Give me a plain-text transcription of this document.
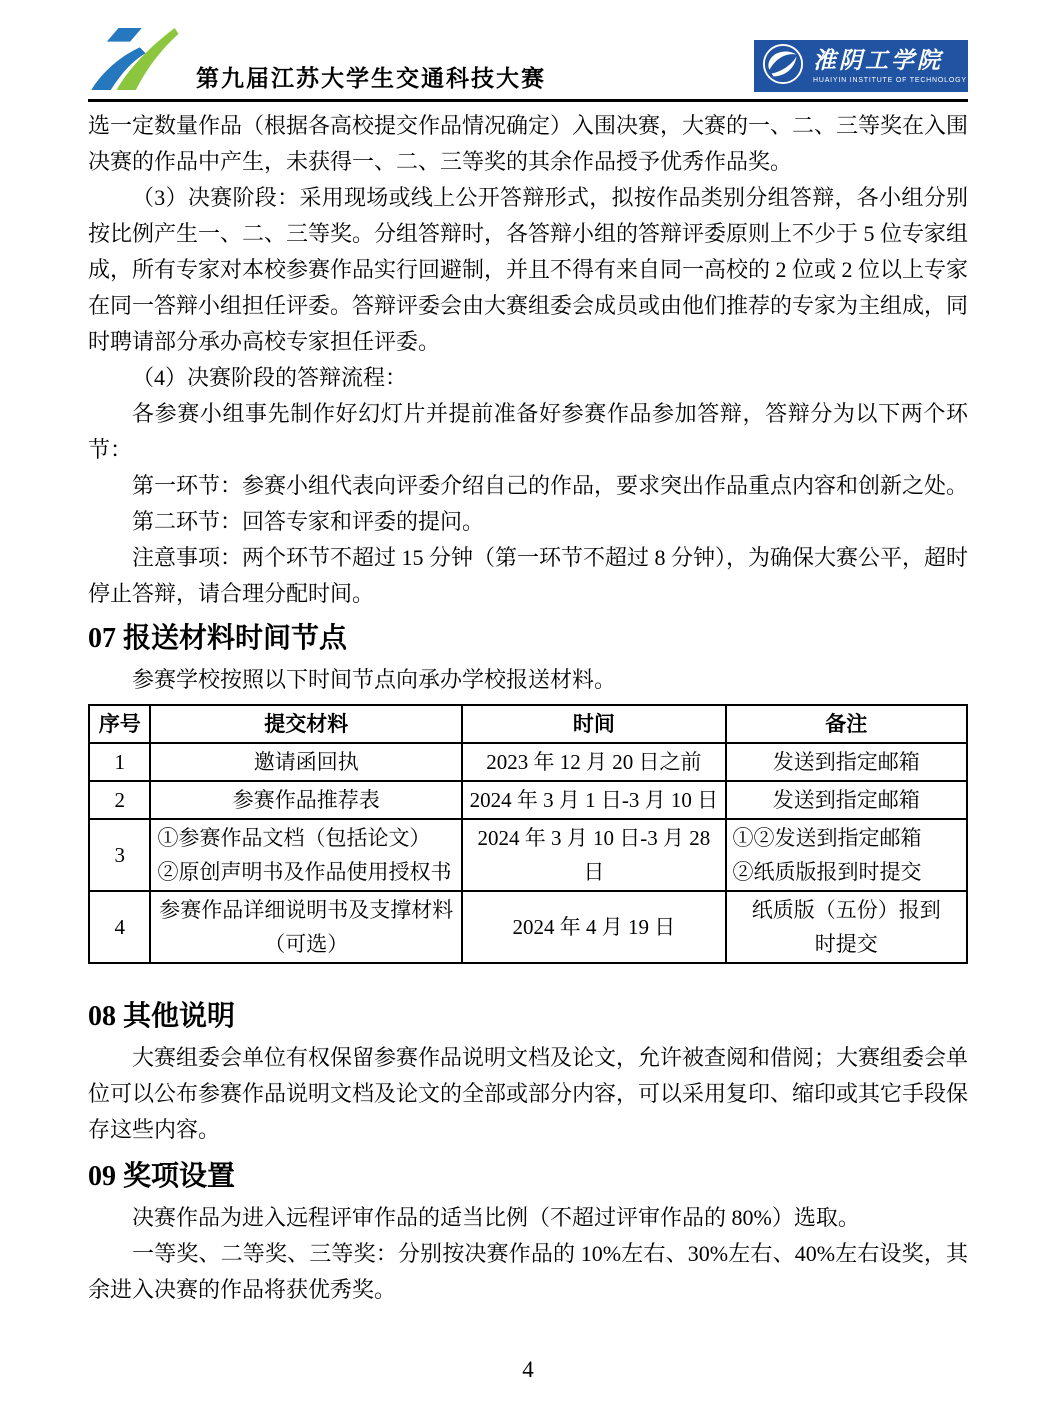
第九届江苏大学生交通科技大赛
淮阴工学院
HUAIYIN INSTITUTE OF TECHNOLOGY

选一定数量作品（根据各高校提交作品情况确定）入围决赛，大赛的一、二、三等奖在入围决赛的作品中产生，未获得一、二、三等奖的其余作品授予优秀作品奖。

（3）决赛阶段：采用现场或线上公开答辩形式，拟按作品类别分组答辩，各小组分别按比例产生一、二、三等奖。分组答辩时，各答辩小组的答辩评委原则上不少于 5 位专家组成，所有专家对本校参赛作品实行回避制，并且不得有来自同一高校的 2 位或 2 位以上专家在同一答辩小组担任评委。答辩评委会由大赛组委会成员或由他们推荐的专家为主组成，同时聘请部分承办高校专家担任评委。

（4）决赛阶段的答辩流程：

各参赛小组事先制作好幻灯片并提前准备好参赛作品参加答辩，答辩分为以下两个环节：

第一环节：参赛小组代表向评委介绍自己的作品，要求突出作品重点内容和创新之处。

第二环节：回答专家和评委的提问。

注意事项：两个环节不超过 15 分钟（第一环节不超过 8 分钟），为确保大赛公平，超时停止答辩，请合理分配时间。

07 报送材料时间节点

参赛学校按照以下时间节点向承办学校报送材料。

序号	提交材料	时间	备注
1	邀请函回执	2023 年 12 月 20 日之前	发送到指定邮箱
2	参赛作品推荐表	2024 年 3 月 1 日-3 月 10 日	发送到指定邮箱
3	①参赛作品文档（包括论文）
②原创声明书及作品使用授权书	2024 年 3 月 10 日-3 月 28 日	①②发送到指定邮箱
②纸质版报到时提交

4	参赛作品详细说明书及支撑材料
（可选）	2024 年 4 月 19 日	纸质版（五份）报到
时提交
08 其他说明

大赛组委会单位有权保留参赛作品说明文档及论文，允许被查阅和借阅；大赛组委会单位可以公布参赛作品说明文档及论文的全部或部分内容，可以采用复印、缩印或其它手段保存这些内容。

09 奖项设置

决赛作品为进入远程评审作品的适当比例（不超过评审作品的 80%）选取。

一等奖、二等奖、三等奖：分别按决赛作品的 10%左右、30%左右、40%左右设奖，其余进入决赛的作品将获优秀奖。

4
